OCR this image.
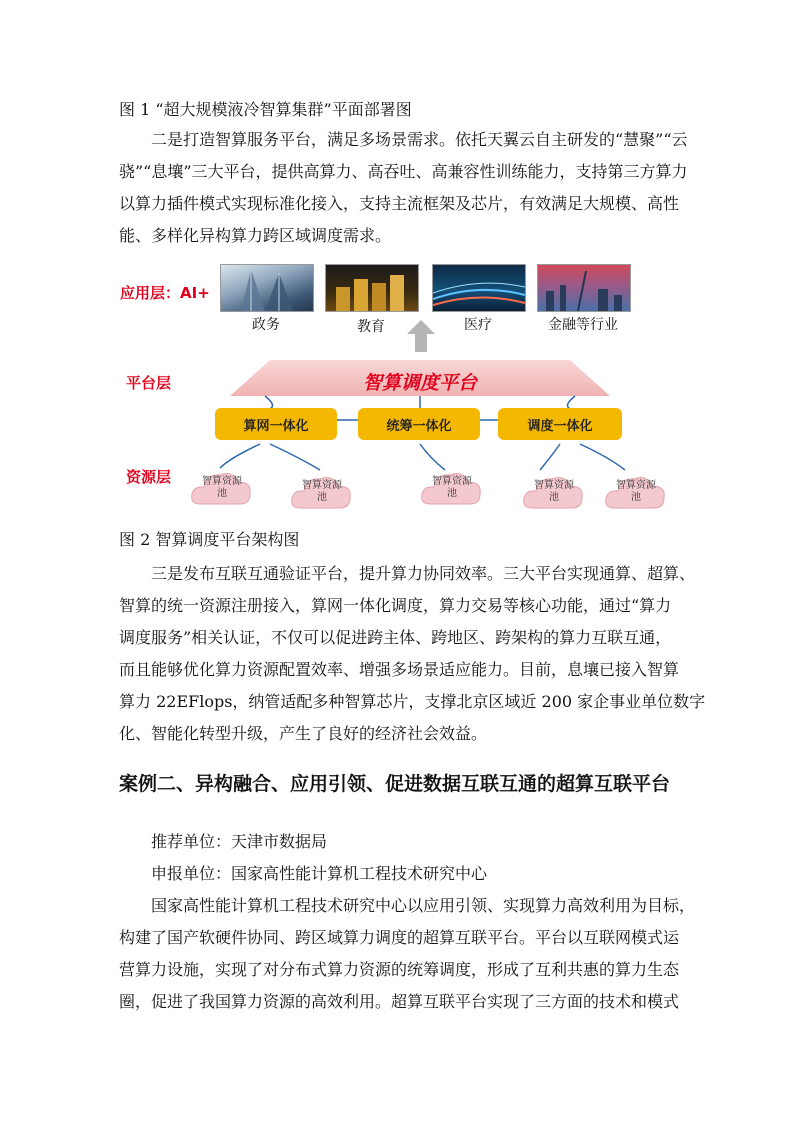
图 1 “超大规模液冷智算集群”平面部署图
二是打造智算服务平台，满足多场景需求。依托天翼云自主研发的“慧聚”“云
骁”“息壤”三大平台，提供高算力、高吞吐、高兼容性训练能力，支持第三方算力
以算力插件模式实现标准化接入，支持主流框架及芯片，有效满足大规模、高性
能、多样化异构算力跨区域调度需求。
应用层：AI+
平台层
资源层
政务	教育	医疗	金融等行业
智算调度平台
算网一体化	统筹一体化	调度一体化
智算资源池
智算资源池
智算资源池
智算资源池
智算资源池
图 2 智算调度平台架构图
三是发布互联互通验证平台，提升算力协同效率。三大平台实现通算、超算、
智算的统一资源注册接入，算网一体化调度，算力交易等核心功能，通过“算力
调度服务”相关认证，不仅可以促进跨主体、跨地区、跨架构的算力互联互通，
而且能够优化算力资源配置效率、增强多场景适应能力。目前，息壤已接入智算
算力 22EFlops，纳管适配多种智算芯片，支撑北京区域近 200 家企事业单位数字
化、智能化转型升级，产生了良好的经济社会效益。
案例二、异构融合、应用引领、促进数据互联互通的超算互联平台
推荐单位：天津市数据局
申报单位：国家高性能计算机工程技术研究中心
国家高性能计算机工程技术研究中心以应用引领、实现算力高效利用为目标，
构建了国产软硬件协同、跨区域算力调度的超算互联平台。平台以互联网模式运
营算力设施，实现了对分布式算力资源的统筹调度，形成了互利共惠的算力生态
圈，促进了我国算力资源的高效利用。超算互联平台实现了三方面的技术和模式
